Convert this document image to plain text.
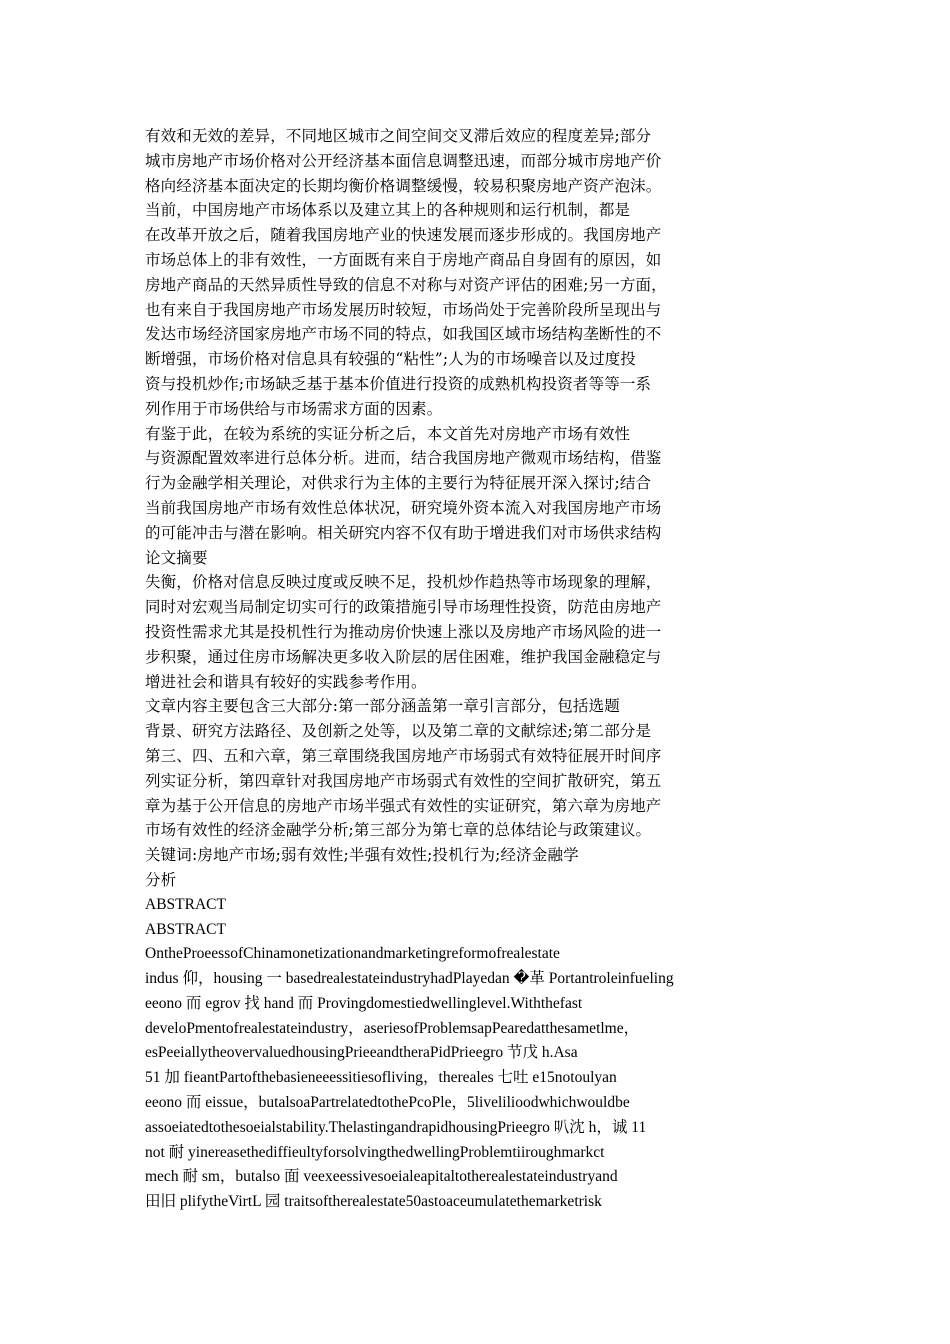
有效和无效的差异，不同地区城市之间空间交叉滞后效应的程度差异;部分

城市房地产市场价格对公开经济基本面信息调整迅速，而部分城市房地产价

格向经济基本面决定的长期均衡价格调整缓慢，较易积聚房地产资产泡沫。

当前，中国房地产市场体系以及建立其上的各种规则和运行机制，都是

在改革开放之后，随着我国房地产业的快速发展而逐步形成的。我国房地产

市场总体上的非有效性，一方面既有来自于房地产商品自身固有的原因，如

房地产商品的天然异质性导致的信息不对称与对资产评估的困难;另一方面，

也有来自于我国房地产市场发展历时较短，市场尚处于完善阶段所呈现出与

发达市场经济国家房地产市场不同的特点，如我国区域市场结构垄断性的不

断增强，市场价格对信息具有较强的“粘性”;人为的市场噪音以及过度投

资与投机炒作;市场缺乏基于基本价值进行投资的成熟机构投资者等等一系

列作用于市场供给与市场需求方面的因素。

有鉴于此，在较为系统的实证分析之后，本文首先对房地产市场有效性

与资源配置效率进行总体分析。进而，结合我国房地产微观市场结构，借鉴

行为金融学相关理论，对供求行为主体的主要行为特征展开深入探讨;结合

当前我国房地产市场有效性总体状况，研究境外资本流入对我国房地产市场

的可能冲击与潜在影响。相关研究内容不仅有助于增进我们对市场供求结构

论文摘要

失衡，价格对信息反映过度或反映不足，投机炒作趋热等市场现象的理解，

同时对宏观当局制定切实可行的政策措施引导市场理性投资，防范由房地产

投资性需求尤其是投机性行为推动房价快速上涨以及房地产市场风险的进一

步积聚，通过住房市场解决更多收入阶层的居住困难，维护我国金融稳定与

增进社会和谐具有较好的实践参考作用。

文章内容主要包含三大部分:第一部分涵盖第一章引言部分，包括选题

背景、研究方法路径、及创新之处等，以及第二章的文献综述;第二部分是

第三、四、五和六章，第三章围绕我国房地产市场弱式有效特征展开时间序

列实证分析，第四章针对我国房地产市场弱式有效性的空间扩散研究，第五

章为基于公开信息的房地产市场半强式有效性的实证研究，第六章为房地产

市场有效性的经济金融学分析;第三部分为第七章的总体结论与政策建议。

关键词:房地产市场;弱有效性;半强有效性;投机行为;经济金融学

分析

ABSTRACT

ABSTRACT

OntheProeessofChinamonetizationandmarketingreformofrealestate

indus 仰，housing 一 basedrealestateindustryhadPlayedan �革 Portantroleinfueling

eeono 而 egrov 找 hand 而 Provingdomestiedwellinglevel.Withthefast

develoPmentofrealestateindustry，aseriesofProblemsapPearedatthesametlme，

esPeeiallytheovervaluedhousingPrieeandtheraPidPrieegro 节戊 h.Asa

51 加 fieantPartofthebasieneeessitiesofliving，thereales 七吐 e15notoulyan

eeono 而 eissue，butalsoaPartrelatedtothePcoPle，5livelilioodwhichwouldbe

assoeiatedtothesoeialstability.ThelastingandrapidhousingPrieegro 叭沈 h，诚 11

not 耐 yinereasethediffieultyforsolvingthedwellingProblemtiiroughmarkct

mech 耐 sm，butalso 面 veexeessivesoeialeapitaltotherealestateindustryand

田旧 plifytheVirtL 园 traitsoftherealestate50astoaceumulatethemarketrisk
